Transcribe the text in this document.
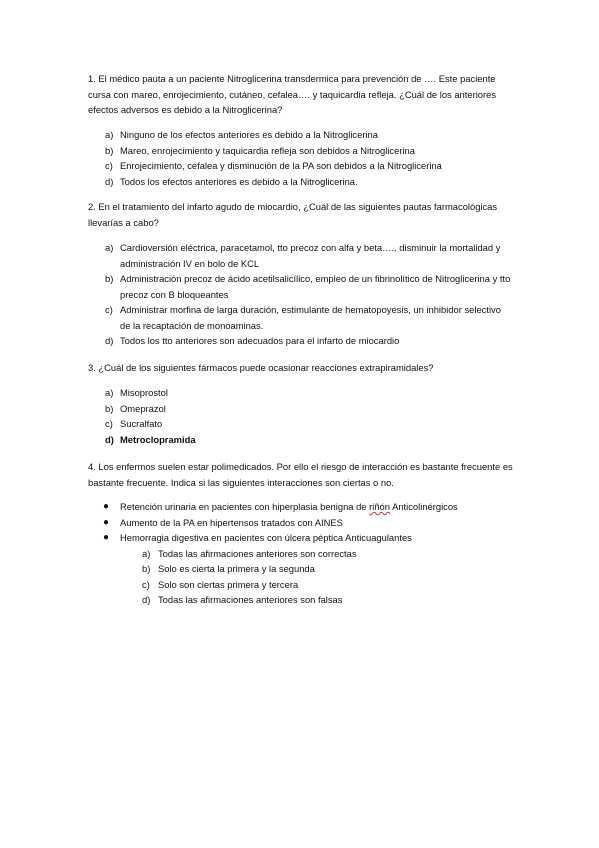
1. El médico pauta a un paciente Nitroglicerina transdermica para prevención de …. Este paciente cursa con mareo, enrojecimiento, cutáneo, cefalea…. y taquicardia refleja. ¿Cuál de los anteriores efectos adversos es debido a la Nitroglicerina?
a) Ninguno de los efectos anteriores es debido a la Nitroglicerina
b) Mareo, enrojecimiento y taquicardia refleja son debidos a Nitroglicerina
c) Enrojecimiento, cefalea y disminución de la PA son debidos a la Nitroglicerina
d) Todos los efectos anteriores es debido a la Nitroglicerina.
2. En el tratamiento del infarto agudo de miocardio, ¿Cuál de las siguientes pautas farmacológicas llevarías a cabo?
a) Cardioversión eléctrica, paracetamol, tto precoz con alfa y beta….. disminuir la mortalidad y administración IV en bolo de KCL
b) Administración precoz de ácido acetilsalicílico, empleo de un fibrinolítico de Nitroglicerina y tto precoz con B bloqueantes
c) Administrar morfina de larga duración, estimulante de hematopoyesis, un inhibidor selectivo de la recaptación de monoaminas.
d) Todos los tto anteriores son adecuados para el infarto de miocardio
3. ¿Cuál de los siguientes fármacos puede ocasionar reacciones extrapiramidales?
a) Misoprostol
b) Omeprazol
c) Sucralfato
d) Metroclopramida
4. Los enfermos suelen estar polimedicados. Por ello el riesgo de interacción es bastante frecuente es bastante frecuente. Indica si las siguientes interacciones son ciertas o no.
● Retención urinaria en pacientes con hiperplasia benigna de riñón Anticolinérgicos
● Aumento de la PA en hipertensos tratados con AINES
● Hemorragia digestiva en pacientes con úlcera péptica Anticuagulantes
a) Todas las afirmaciones anteriores son correctas
b) Solo es cierta la primera y la segunda
c) Solo son ciertas primera y tercera
d) Todas las afirmaciones anteriores son falsas
